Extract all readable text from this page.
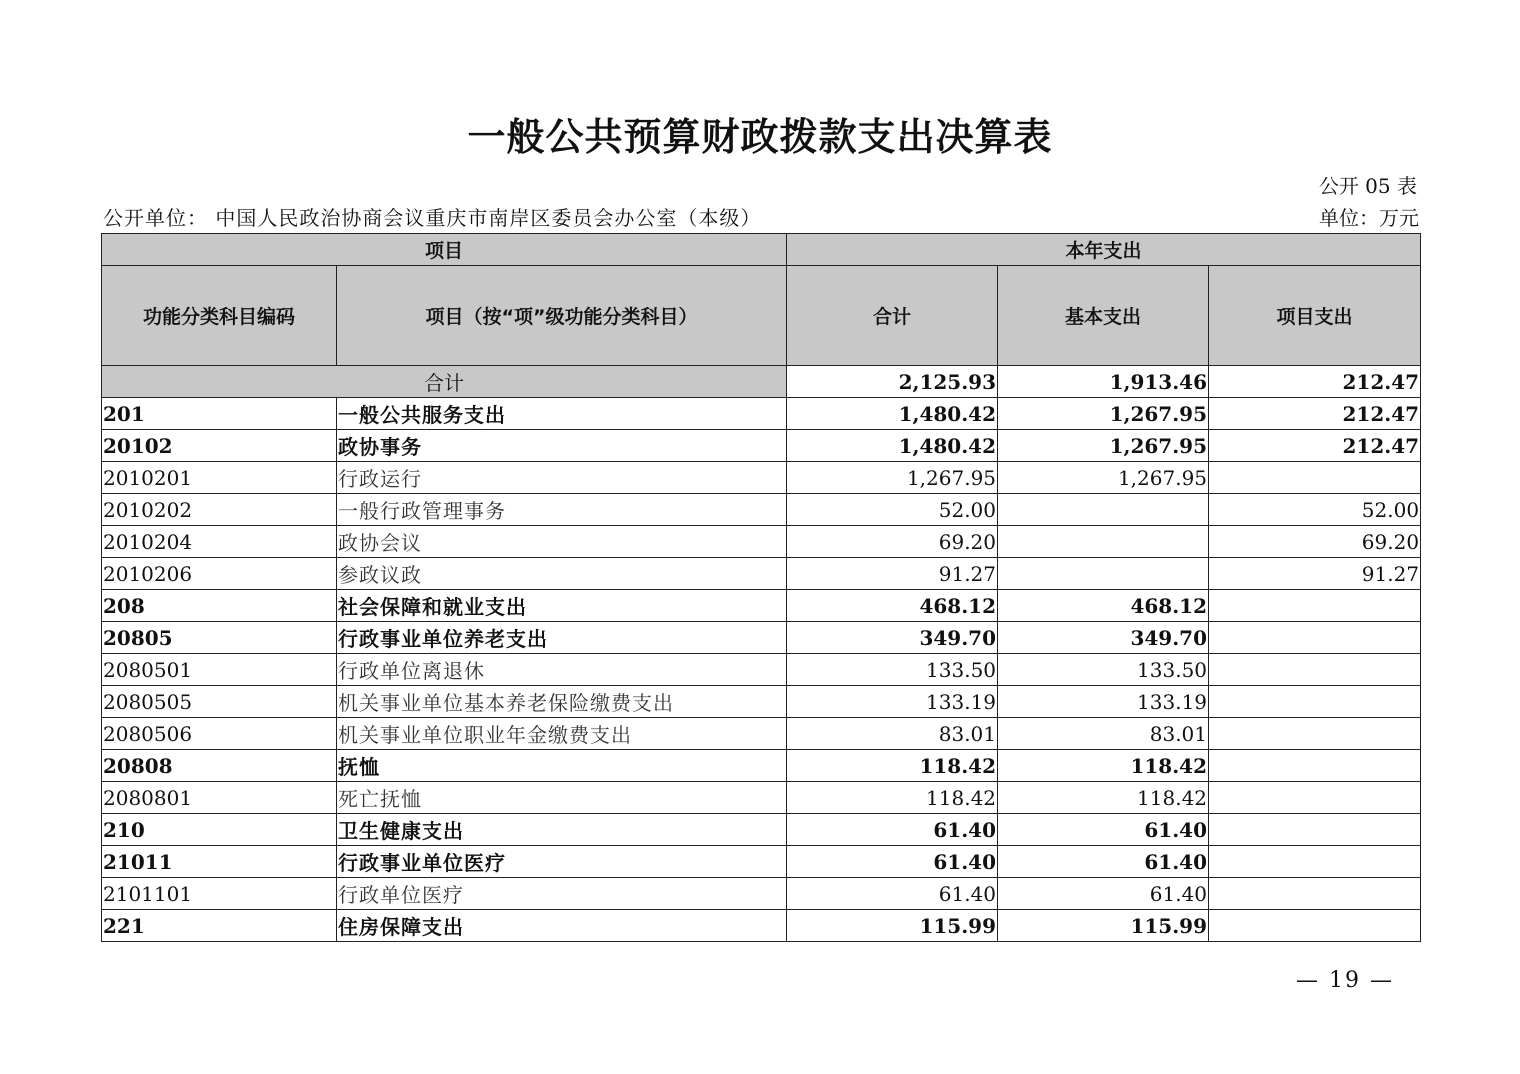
一般公共预算财政拨款支出决算表
公开 05 表
公开单位： 中国人民政治协商会议重庆市南岸区委员会办公室（本级）	单位：万元
项目		本年支出		
功能分类科目编码	项目（按“项”级功能分类科目）	合计	基本支出	项目支出
合计		2,125.93	1,913.46	212.47
201	一般公共服务支出	1,480.42	1,267.95	212.47
20102	政协事务	1,480.42	1,267.95	212.47
2010201	行政运行	1,267.95	1,267.95	
2010202	一般行政管理事务	52.00		52.00
2010204	政协会议	69.20		69.20
2010206	参政议政	91.27		91.27
208	社会保障和就业支出	468.12	468.12	
20805	行政事业单位养老支出	349.70	349.70	
2080501	行政单位离退休	133.50	133.50	
2080505	机关事业单位基本养老保险缴费支出	133.19	133.19	
2080506	机关事业单位职业年金缴费支出	83.01	83.01	
20808	抚恤	118.42	118.42	
2080801	死亡抚恤	118.42	118.42	
210	卫生健康支出	61.40	61.40	
21011	行政事业单位医疗	61.40	61.40	
2101101	行政单位医疗	61.40	61.40	
221	住房保障支出	115.99	115.99	
— 19 —
